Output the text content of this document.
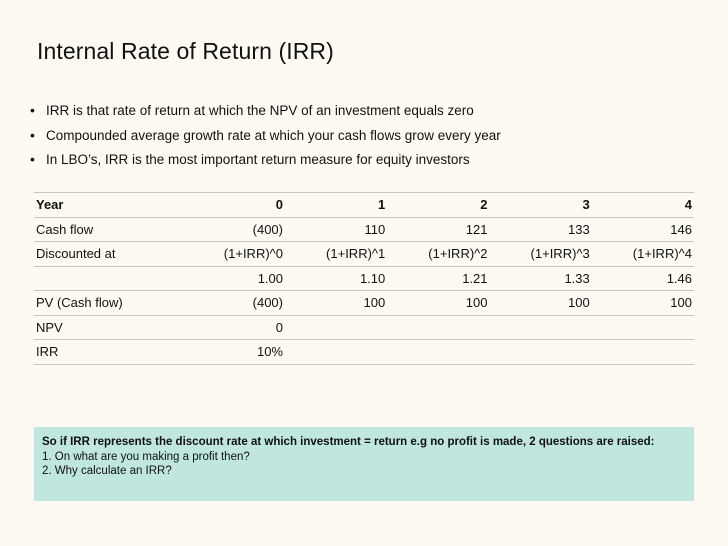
Internal Rate of Return (IRR)
• IRR is that rate of return at which the NPV of an investment equals zero
• Compounded average growth rate at which your cash flows grow every year
• In LBO’s, IRR is the most important return measure for equity investors
Year	0	1	2	3	4
Cash flow	(400)	110	121	133	146
Discounted at	(1+IRR)^0	(1+IRR)^1	(1+IRR)^2	(1+IRR)^3	(1+IRR)^4
	1.00	1.10	1.21	1.33	1.46
PV (Cash flow)	(400)	100	100	100	100
NPV	0				
IRR	10%				
So if IRR represents the discount rate at which investment = return e.g no profit is made, 2 questions are raised:
1. On what are you making a profit then?
2. Why calculate an IRR?
